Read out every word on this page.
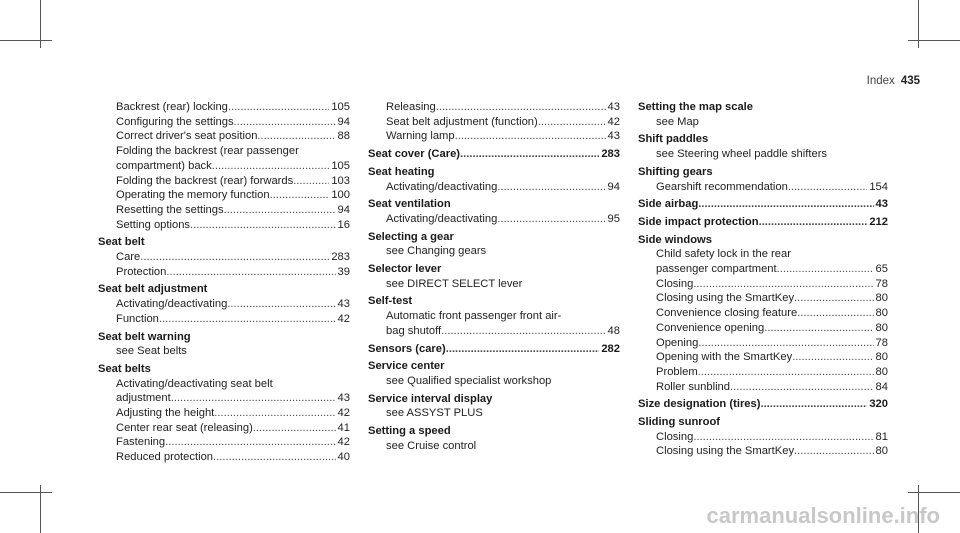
Index 435
Backrest (rear) locking .....	105
Configuring the settings .....	94
Correct driver's seat position .....	88
Folding the backrest (rear passenger
compartment) back .....	105
Folding the backrest (rear) forwards .....	103
Operating the memory function .....	100
Resetting the settings .....	94
Setting options .....	16
Seat belt
Care .....	283
Protection .....	39
Seat belt adjustment
Activating/deactivating .....	43
Function .....	42
Seat belt warning
see Seat belts
Seat belts
Activating/deactivating seat belt
adjustment .....	43
Adjusting the height .....	42
Center rear seat (releasing) .....	41
Fastening .....	42
Reduced protection .....	40
Releasing .....	43
Seat belt adjustment (function) .....	42
Warning lamp .....	43
Seat cover (Care) .....	283
Seat heating
Activating/deactivating .....	94
Seat ventilation
Activating/deactivating .....	95
Selecting a gear
see Changing gears
Selector lever
see DIRECT SELECT lever
Self-test
Automatic front passenger front air-
bag shutoff .....	48
Sensors (care) .....	282
Service center
see Qualified specialist workshop
Service interval display
see ASSYST PLUS
Setting a speed
see Cruise control
Setting the map scale
see Map
Shift paddles
see Steering wheel paddle shifters
Shifting gears
Gearshift recommendation .....	154
Side airbag .....	43
Side impact protection .....	212
Side windows
Child safety lock in the rear
passenger compartment .....	65
Closing .....	78
Closing using the SmartKey .....	80
Convenience closing feature .....	80
Convenience opening .....	80
Opening .....	78
Opening with the SmartKey .....	80
Problem .....	80
Roller sunblind .....	84
Size designation (tires) .....	320
Sliding sunroof
Closing .....	81
Closing using the SmartKey .....	80
carmanualsonline.info
